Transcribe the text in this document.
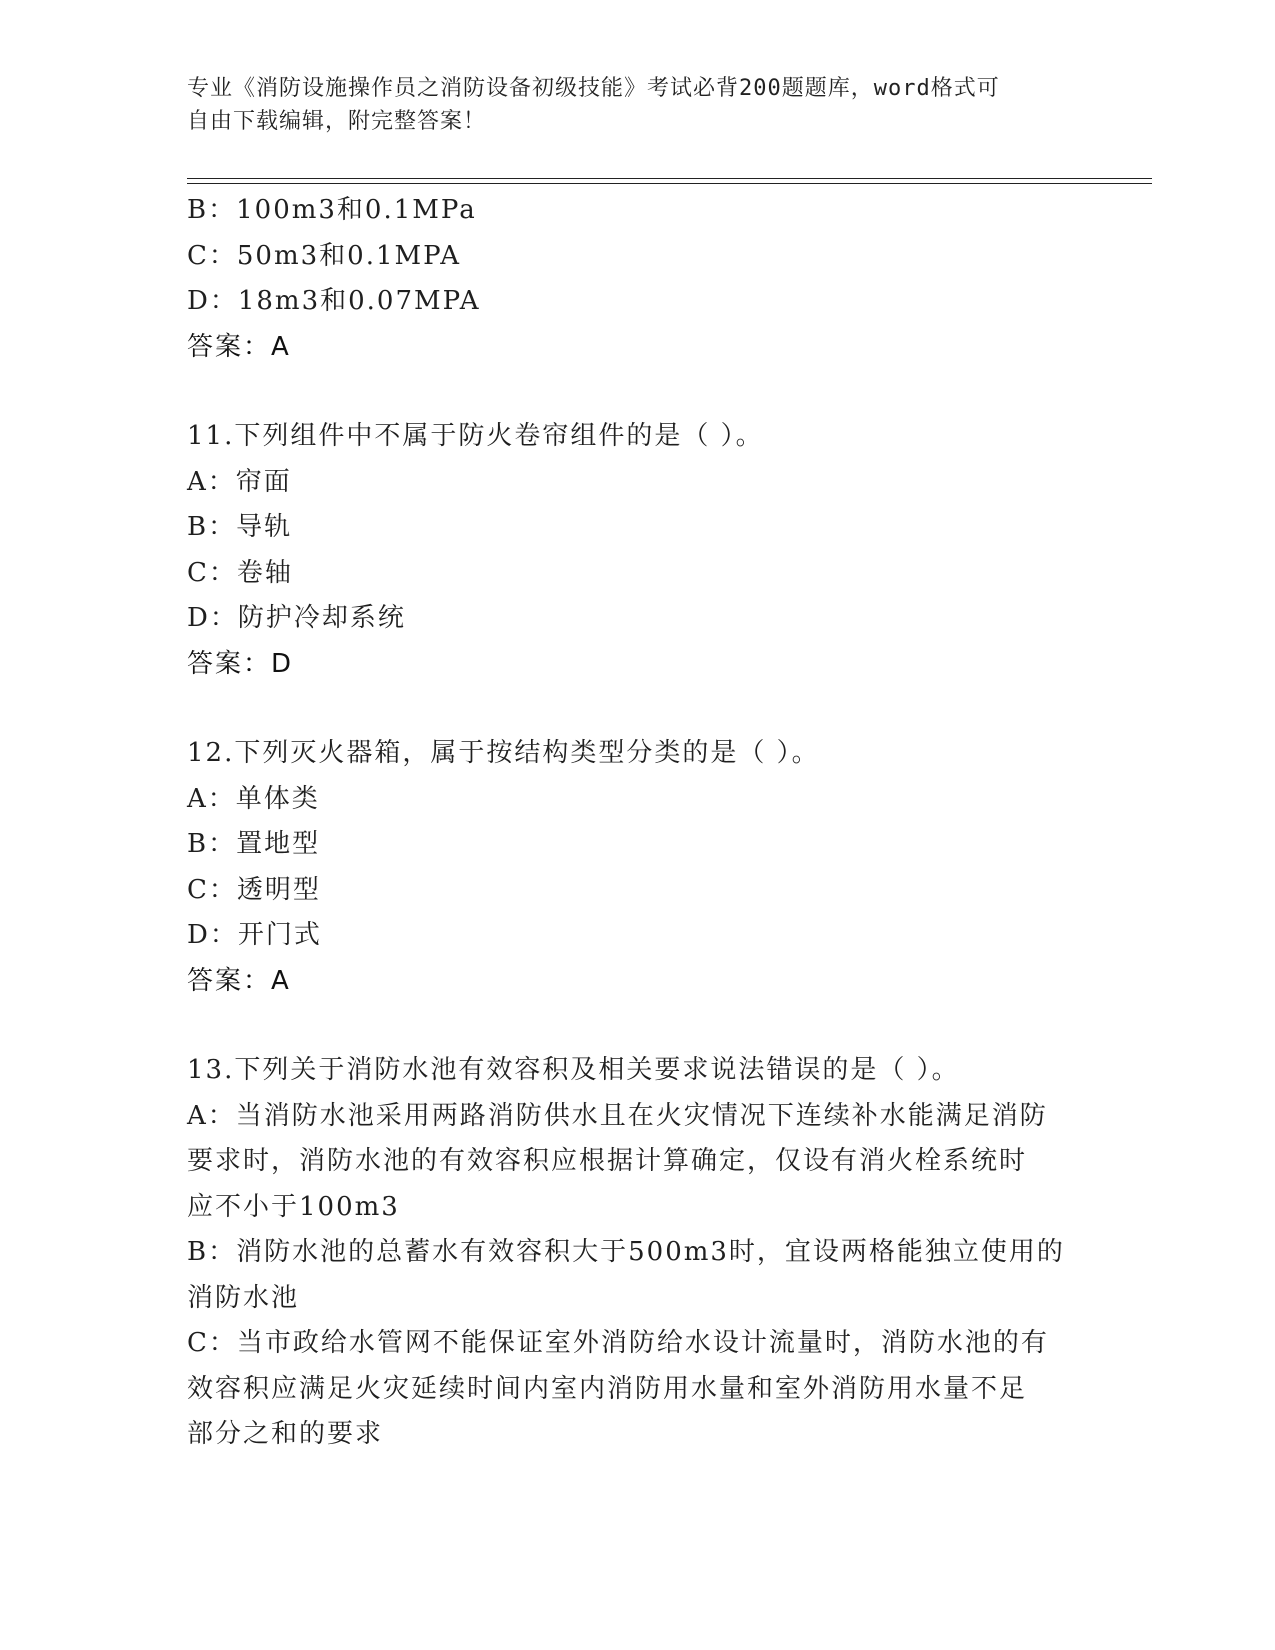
专业《消防设施操作员之消防设备初级技能》考试必背200题题库，word格式可
自由下载编辑，附完整答案！
B：100m3和0.1MPa
C：50m3和0.1MPA
D：18m3和0.07MPA
答案：A
11.下列组件中不属于防火卷帘组件的是（ ）。
A：帘面
B：导轨
C：卷轴
D：防护冷却系统
答案：D
12.下列灭火器箱，属于按结构类型分类的是（ ）。
A：单体类
B：置地型
C：透明型
D：开门式
答案：A
13.下列关于消防水池有效容积及相关要求说法错误的是（ ）。
A：当消防水池采用两路消防供水且在火灾情况下连续补水能满足消防
要求时，消防水池的有效容积应根据计算确定，仅设有消火栓系统时
应不小于100m3
B：消防水池的总蓄水有效容积大于500m3时，宜设两格能独立使用的
消防水池
C：当市政给水管网不能保证室外消防给水设计流量时，消防水池的有
效容积应满足火灾延续时间内室内消防用水量和室外消防用水量不足
部分之和的要求
